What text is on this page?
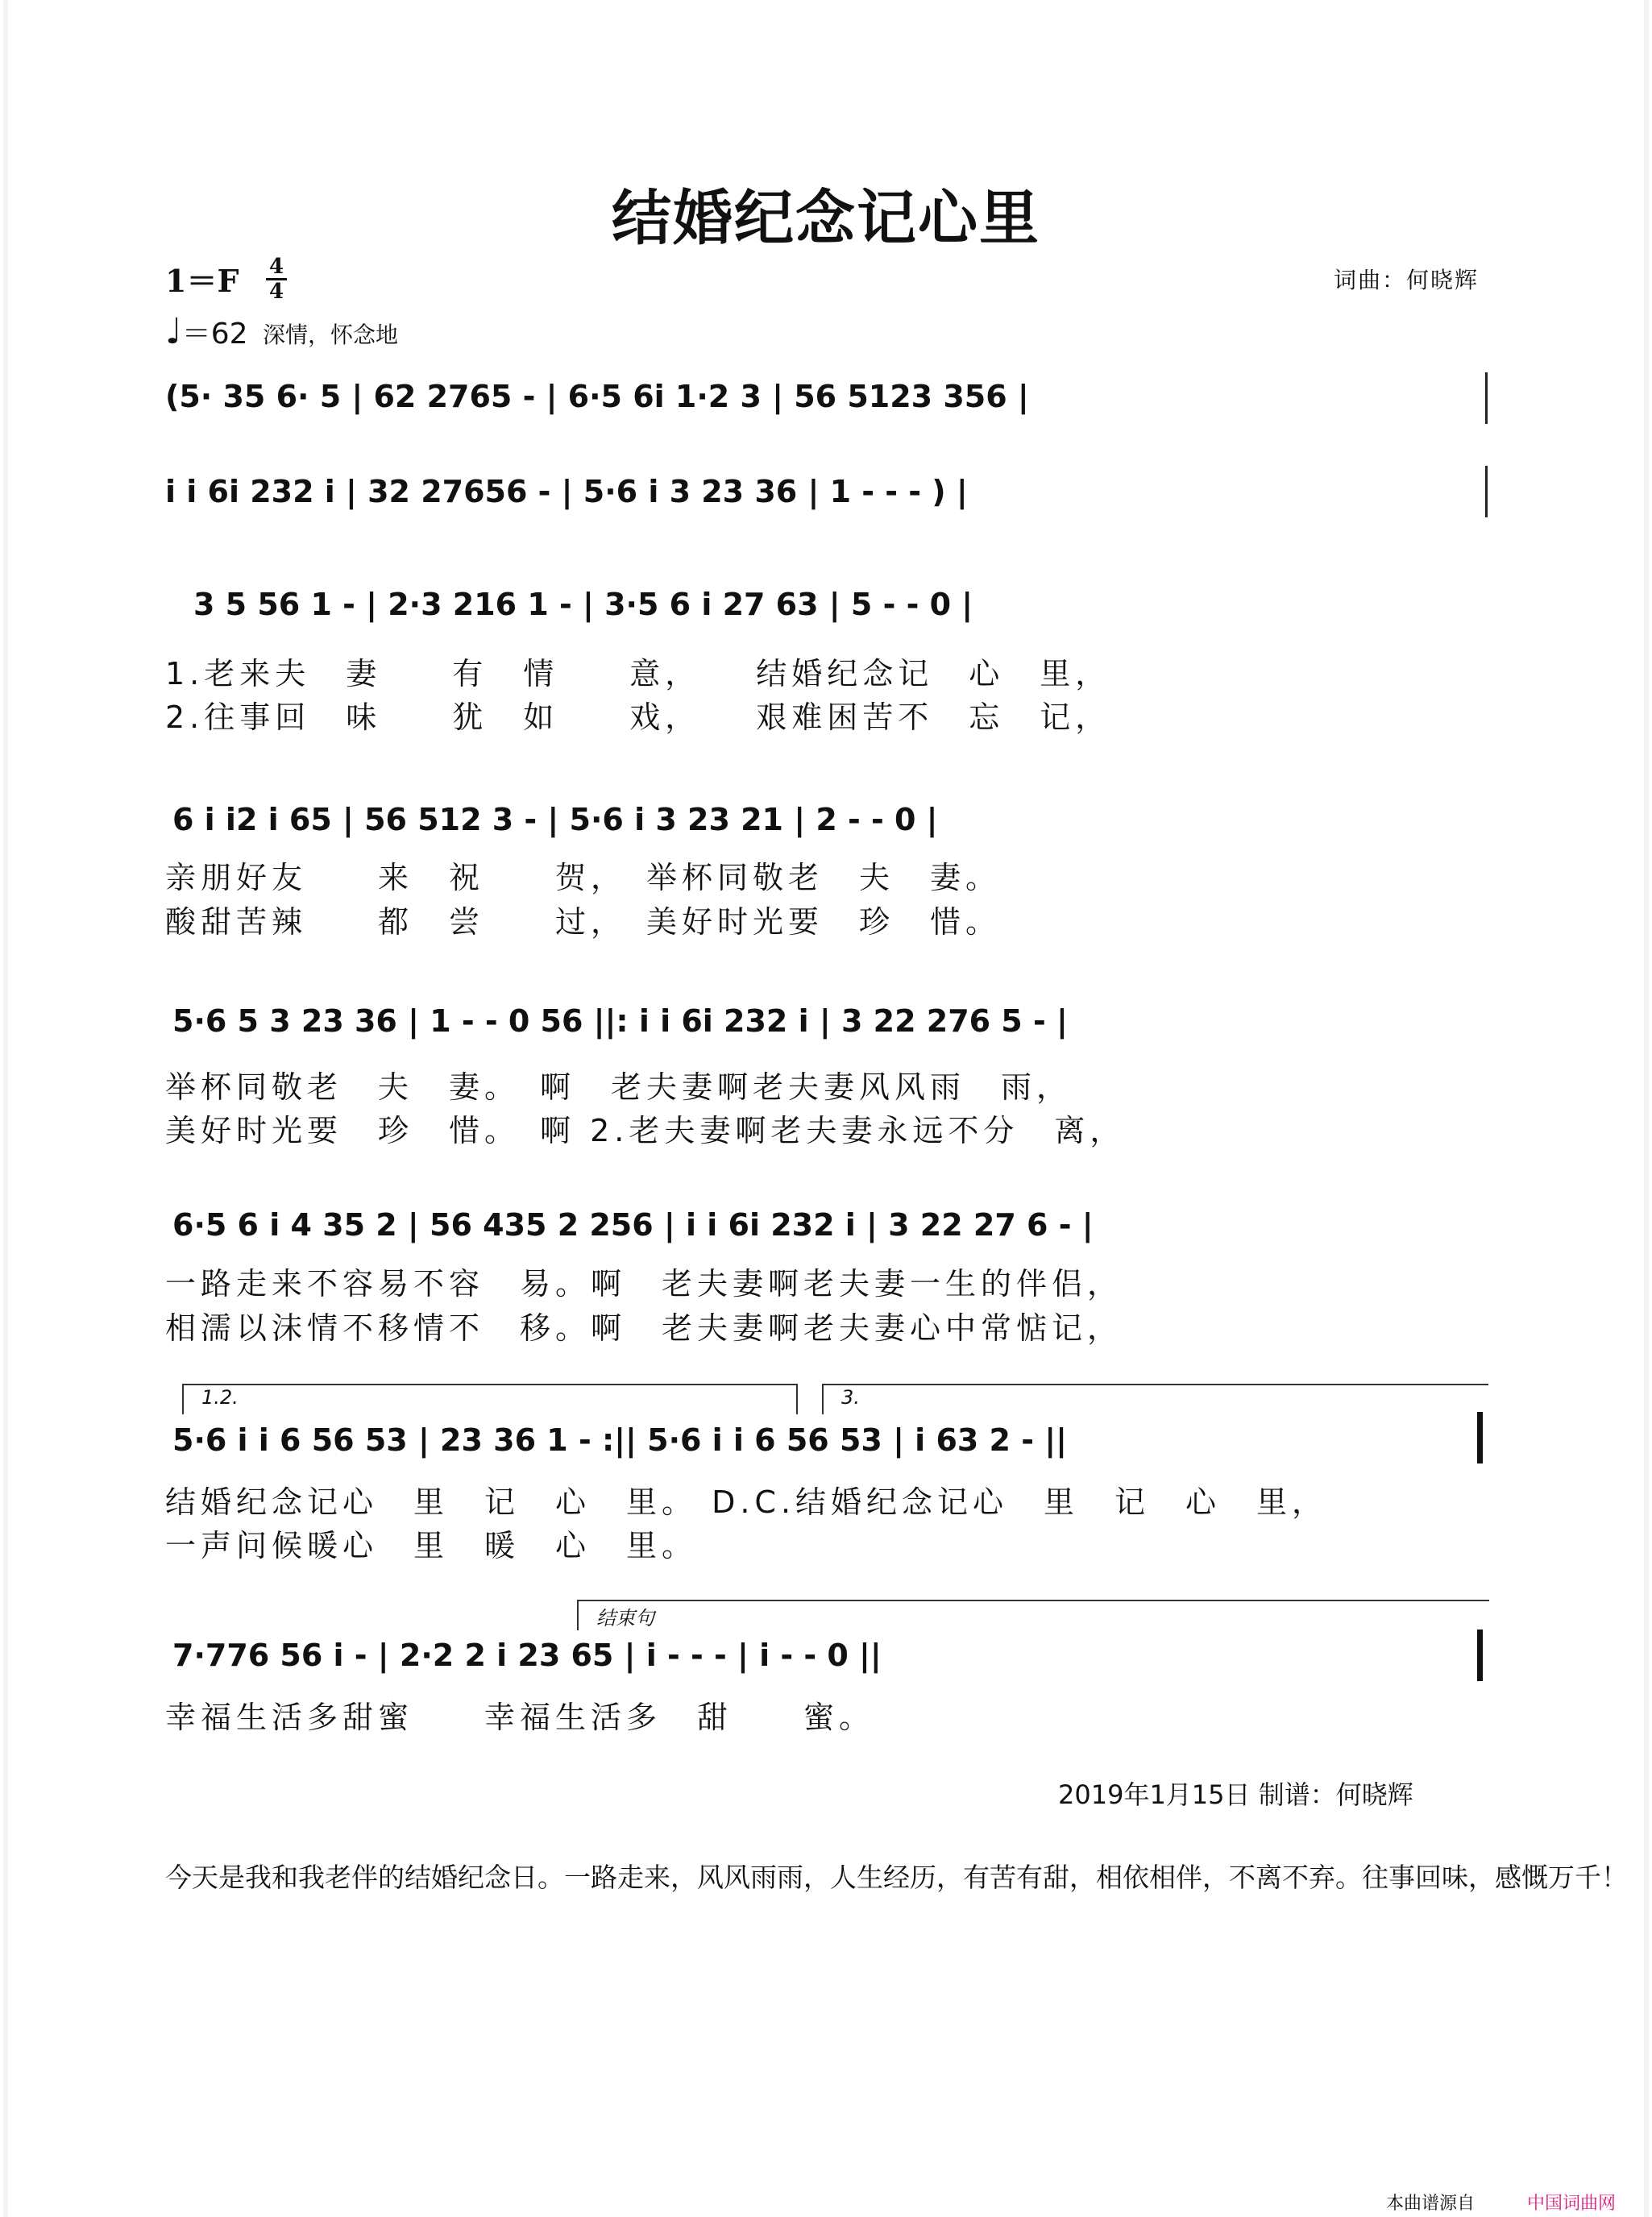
结婚纪念记心里
1＝F 4
4
♩＝62 深情，怀念地
词曲：何晓辉
(5· 35 6· 5 | 62 2765 - | 6·5 6i 1·2 3 | 56 5123 356 |
i i 6i 232 i | 32 27656 - | 5·6 i 3 23 36 | 1 - - - ) |
3 5 56 1 - | 2·3 216 1 - | 3·5 6 i 27 63 | 5 - - 0 |
1.老来夫　妻　　有　情　　意，　　结婚纪念记　心　里，
2.往事回　味　　犹　如　　戏，　　艰难困苦不　忘　记，
6 i i2 i 65 | 56 512 3 - | 5·6 i 3 23 21 | 2 - - 0 |
亲朋好友　　来　祝　　贺，　举杯同敬老　夫　妻。
酸甜苦辣　　都　尝　　过，　美好时光要　珍　惜。
5·6 5 3 23 36 | 1 - - 0 56 ||: i i 6i 232 i | 3 22 276 5 - |
举杯同敬老　夫　妻。　啊　老夫妻啊老夫妻风风雨　雨，
美好时光要　珍　惜。　啊 2.老夫妻啊老夫妻永远不分　离，
6·5 6 i 4 35 2 | 56 435 2 256 | i i 6i 232 i | 3 22 27 6 - |
一路走来不容易不容　易。啊　老夫妻啊老夫妻一生的伴侣，
相濡以沫情不移情不　移。啊　老夫妻啊老夫妻心中常惦记，
1.2.	3.
5·6 i i 6 56 53 | 23 36 1 - :|| 5·6 i i 6 56 53 | i 63 2 - ||
结婚纪念记心　里　记　心　里。 D.C.结婚纪念记心　里　记　心　里，
一声问候暖心　里　暖　心　里。
结束句
7·776 56 i - | 2·2 2 i 23 65 | i - - - | i - - 0 ||
幸福生活多甜蜜　　幸福生活多　甜　　蜜。
2019年1月15日 制谱：何晓辉
今天是我和我老伴的结婚纪念日。一路走来，风风雨雨，人生经历，有苦有甜，相依相伴，不离不弃。往事回味，感慨万千！
本曲谱源自	中国词曲网
